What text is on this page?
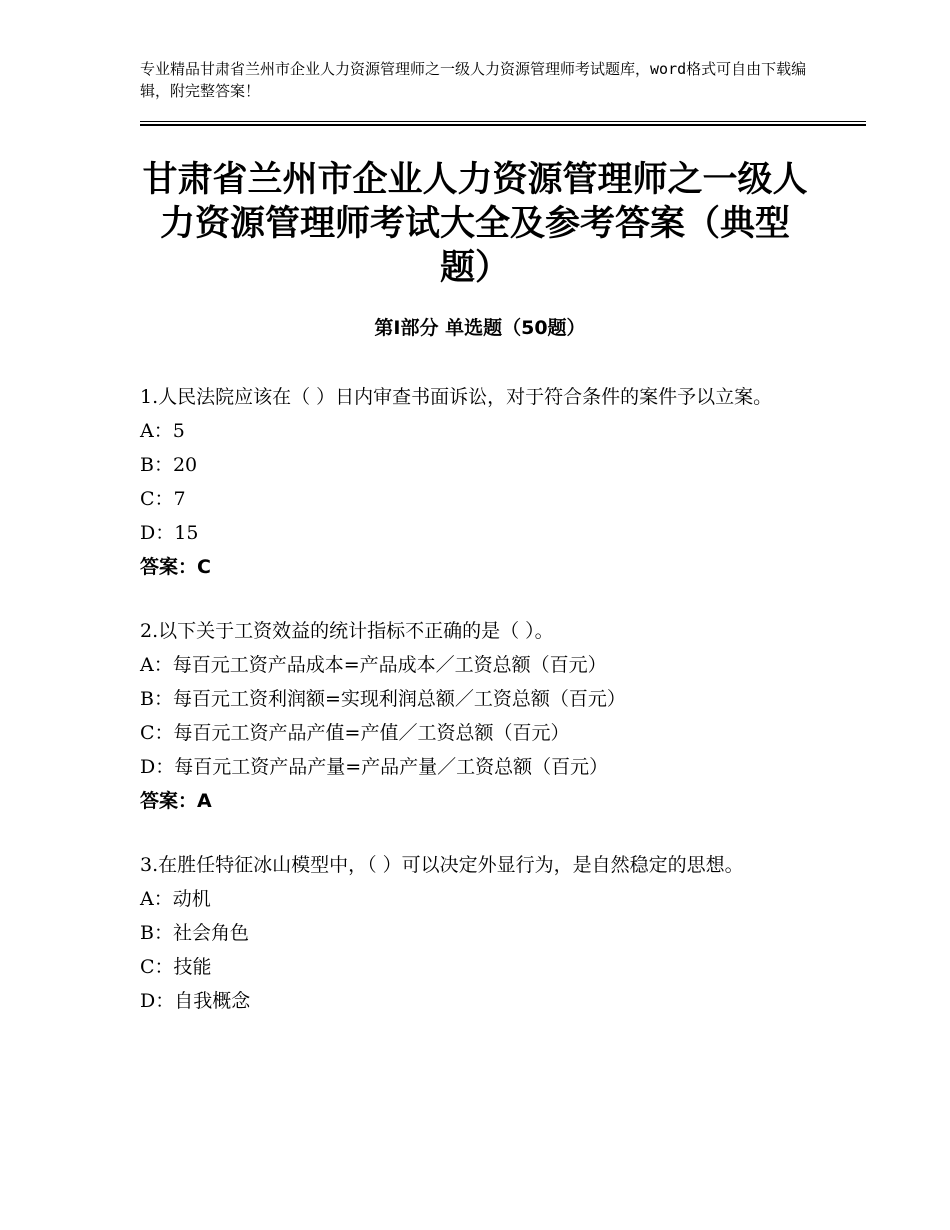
专业精品甘肃省兰州市企业人力资源管理师之一级人力资源管理师考试题库，word格式可自由下载编辑，附完整答案！
甘肃省兰州市企业人力资源管理师之一级人
力资源管理师考试大全及参考答案（典型
题）
第Ⅰ部分 单选题（50题）
1.人民法院应该在（ ）日内审查书面诉讼，对于符合条件的案件予以立案。
A：5
B：20
C：7
D：15
答案：C
2.以下关于工资效益的统计指标不正确的是（ ）。
A：每百元工资产品成本=产品成本／工资总额（百元）
B：每百元工资利润额=实现利润总额／工资总额（百元）
C：每百元工资产品产值=产值／工资总额（百元）
D：每百元工资产品产量=产品产量／工资总额（百元）
答案：A
3.在胜任特征冰山模型中，（ ）可以决定外显行为，是自然稳定的思想。
A：动机
B：社会角色
C：技能
D：自我概念
